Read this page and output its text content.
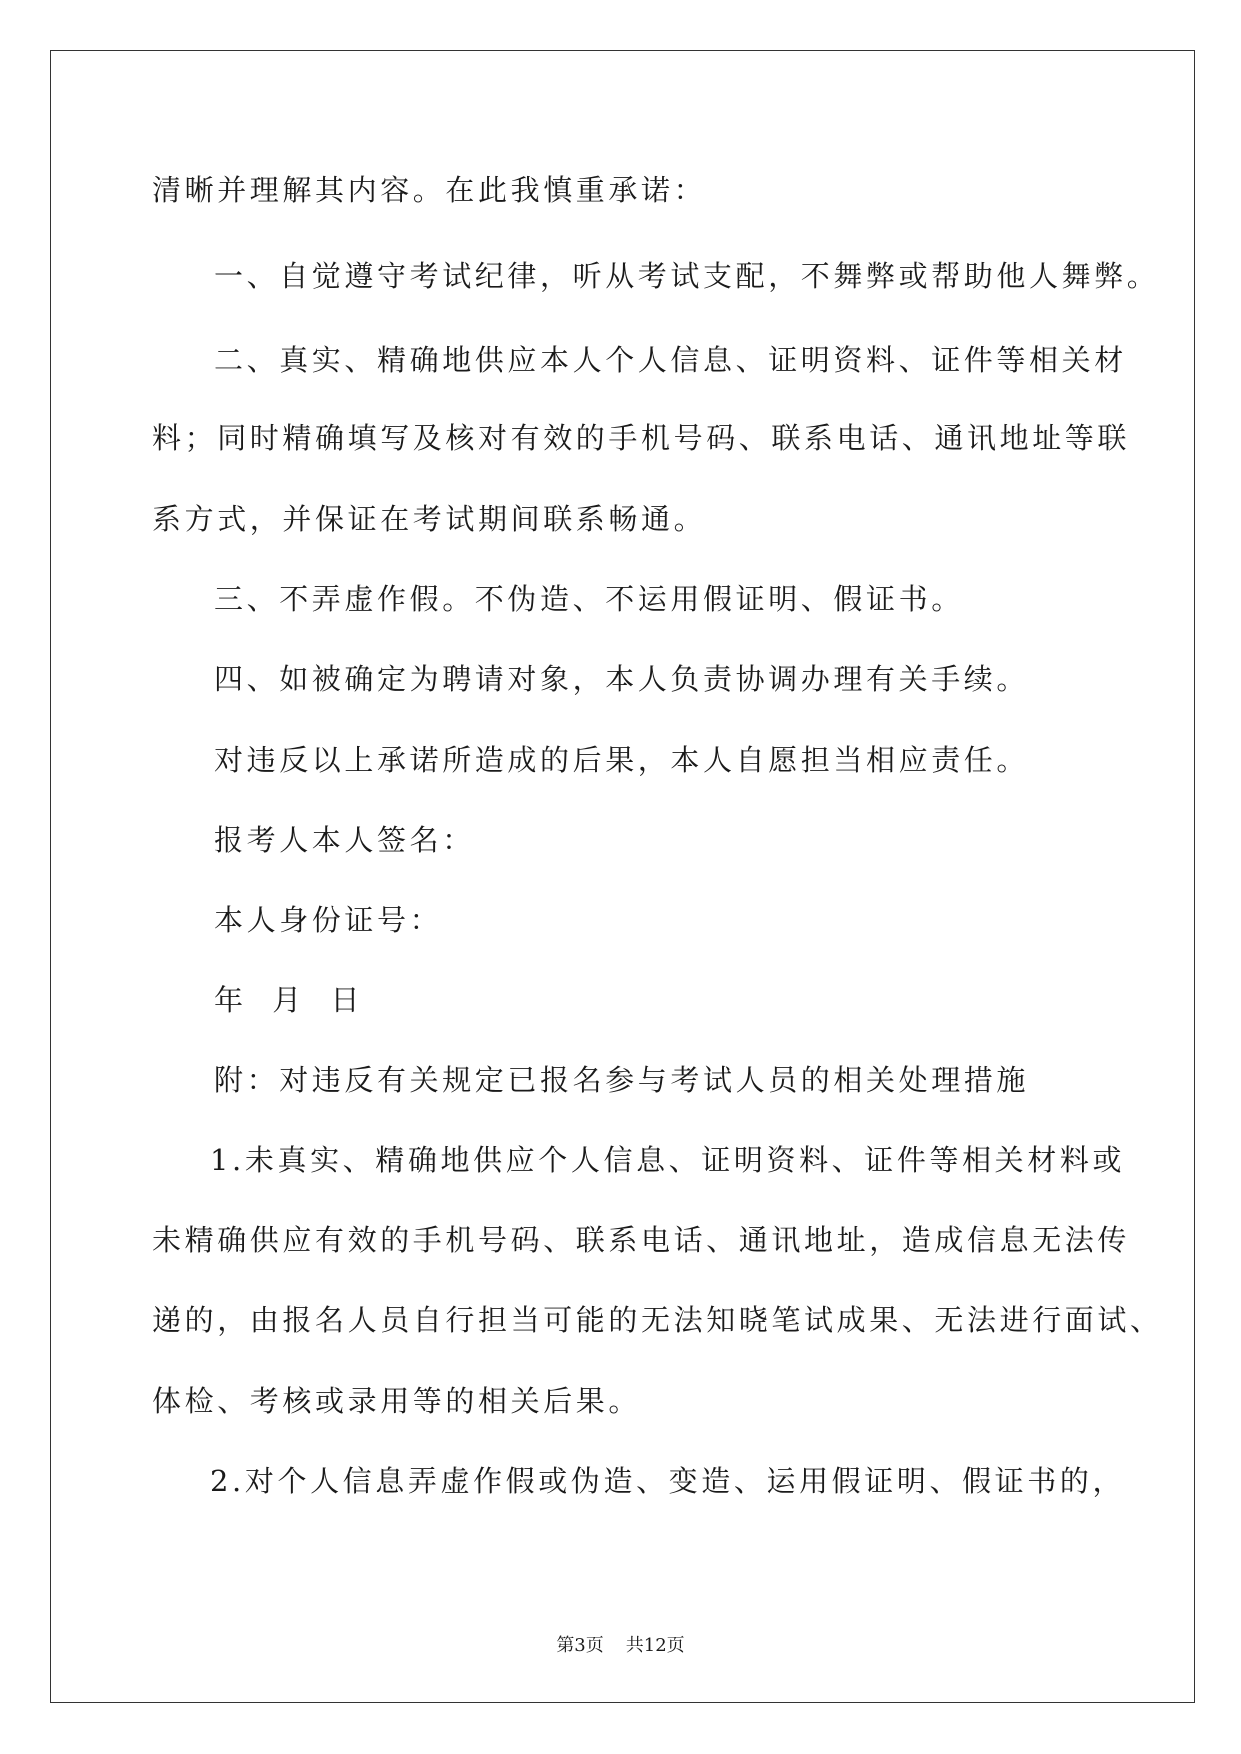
清晰并理解其内容。在此我慎重承诺：
一、自觉遵守考试纪律，听从考试支配，不舞弊或帮助他人舞弊。
二、真实、精确地供应本人个人信息、证明资料、证件等相关材
料；同时精确填写及核对有效的手机号码、联系电话、通讯地址等联
系方式，并保证在考试期间联系畅通。
三、不弄虚作假。不伪造、不运用假证明、假证书。
四、如被确定为聘请对象，本人负责协调办理有关手续。
对违反以上承诺所造成的后果，本人自愿担当相应责任。
报考人本人签名：
本人身份证号：
年  月  日
附：对违反有关规定已报名参与考试人员的相关处理措施
1.未真实、精确地供应个人信息、证明资料、证件等相关材料或
未精确供应有效的手机号码、联系电话、通讯地址，造成信息无法传
递的，由报名人员自行担当可能的无法知晓笔试成果、无法进行面试、
体检、考核或录用等的相关后果。
2.对个人信息弄虚作假或伪造、变造、运用假证明、假证书的，
第3页 共12页
